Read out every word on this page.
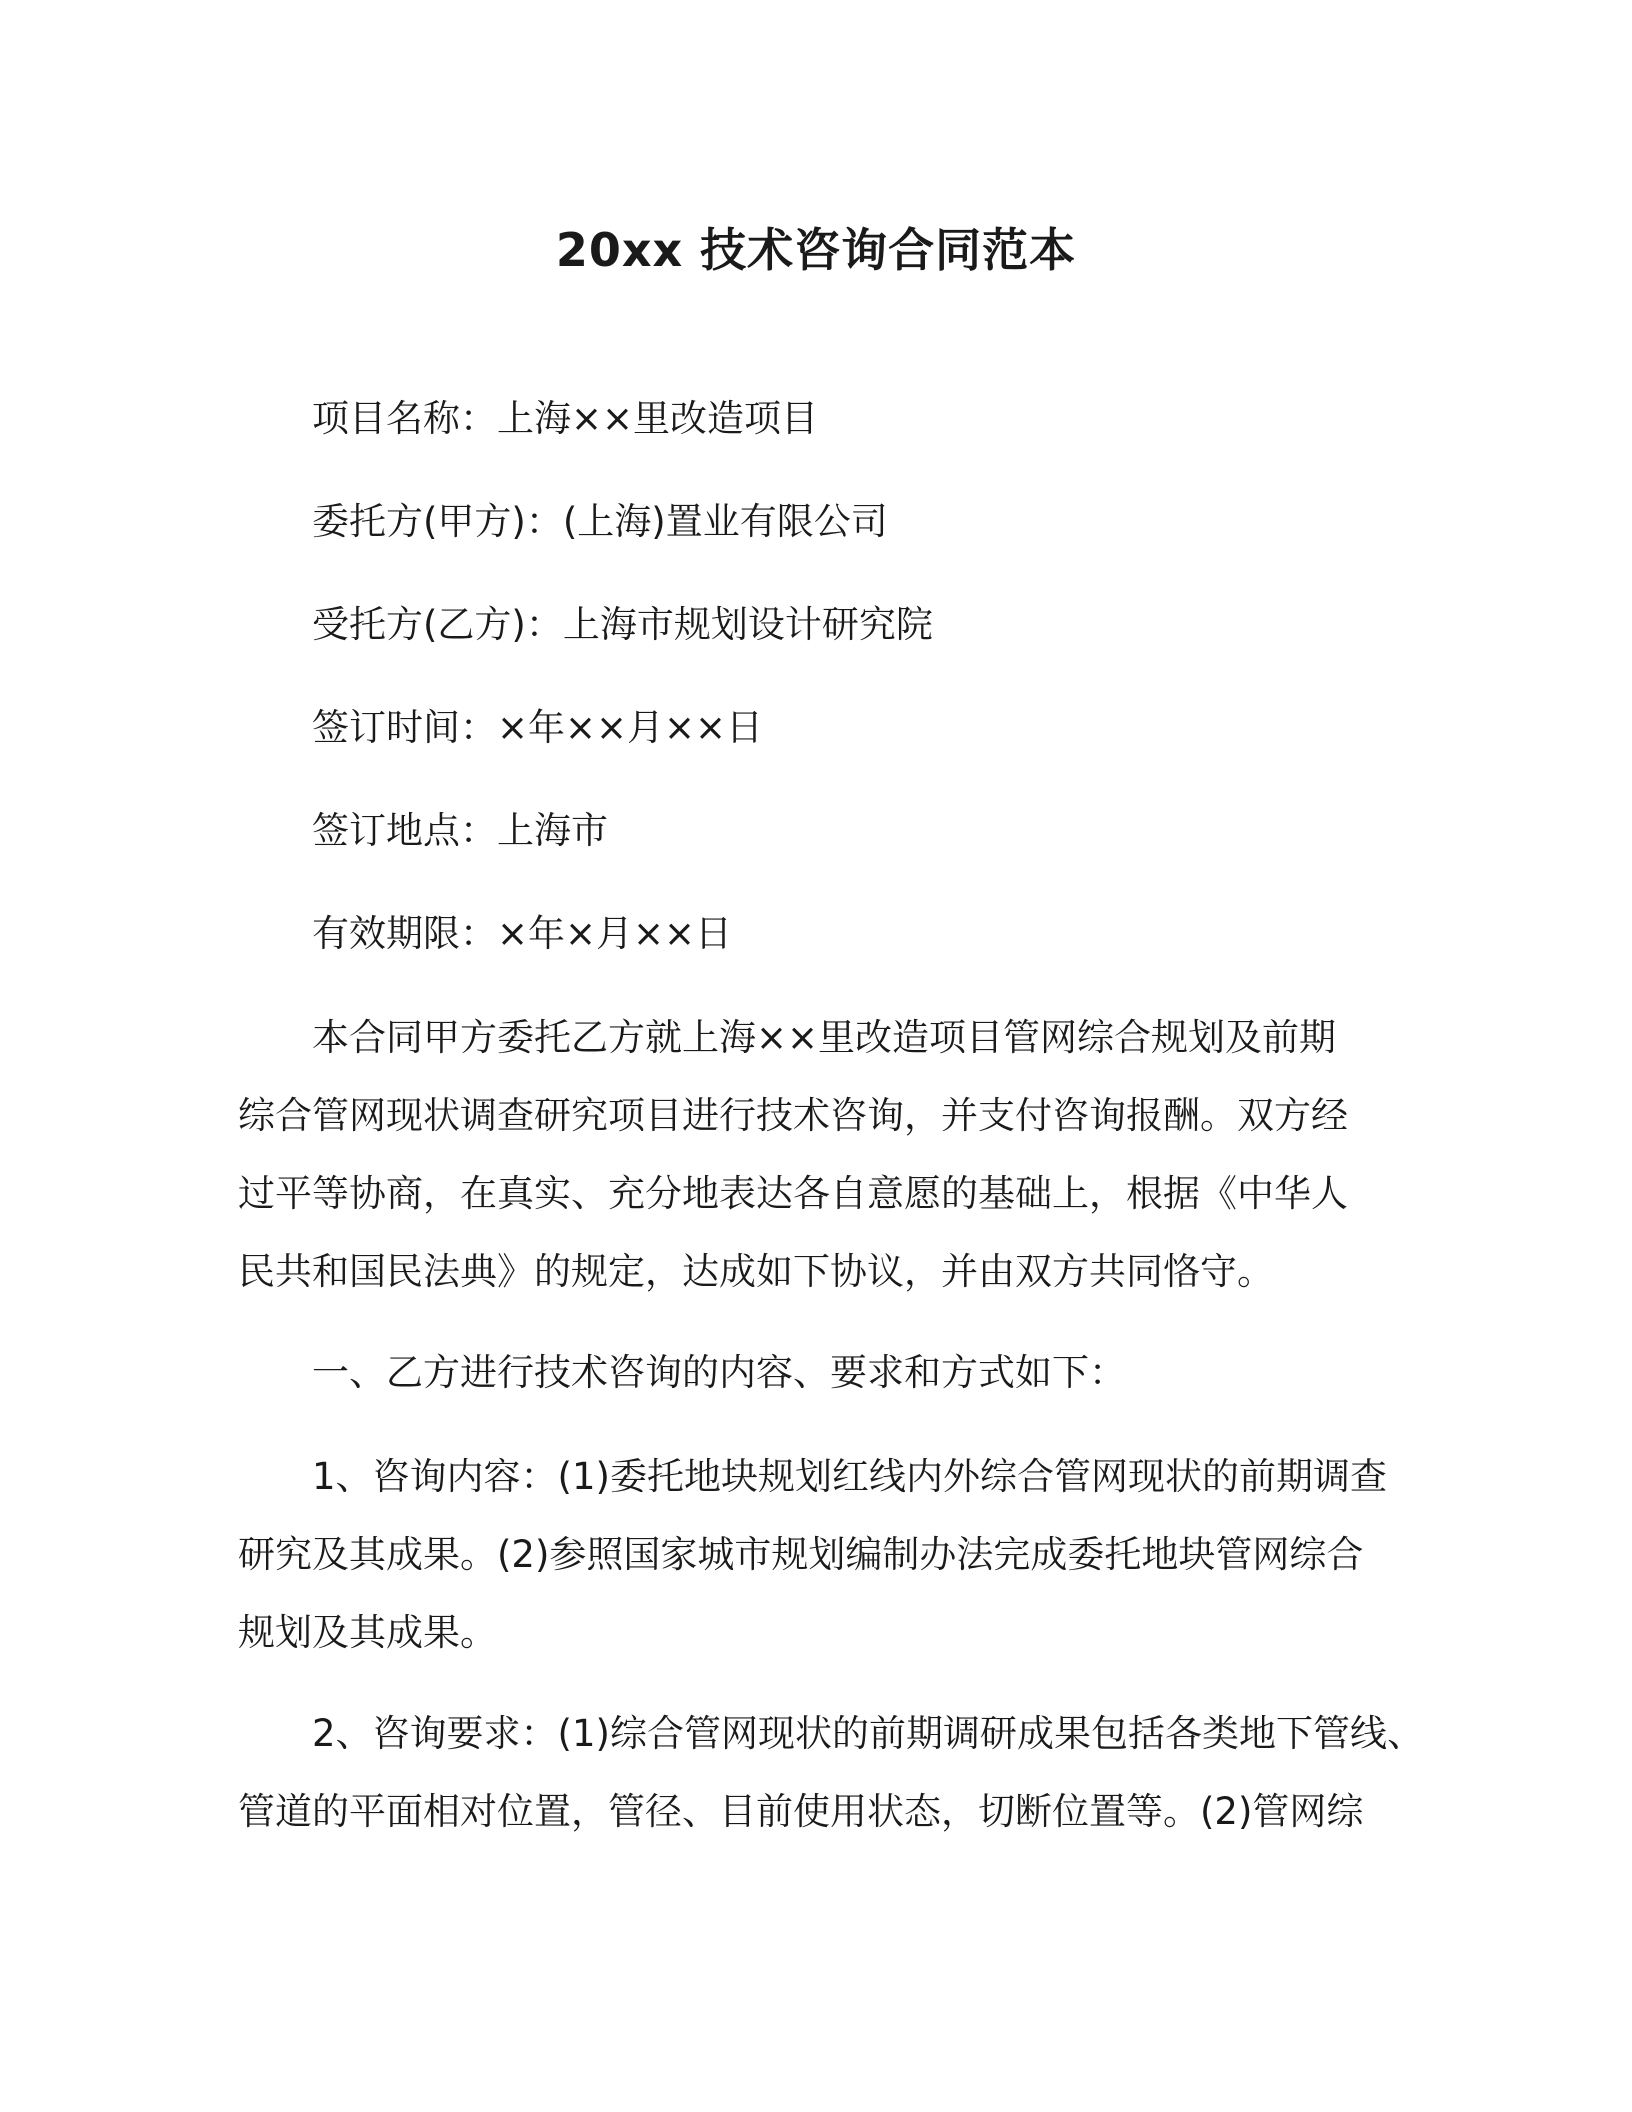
20xx 技术咨询合同范本
项目名称：上海××里改造项目
委托方(甲方)：(上海)置业有限公司
受托方(乙方)：上海市规划设计研究院
签订时间：×年××月××日
签订地点：上海市
有效期限：×年×月××日
本合同甲方委托乙方就上海××里改造项目管网综合规划及前期
综合管网现状调查研究项目进行技术咨询，并支付咨询报酬。双方经
过平等协商，在真实、充分地表达各自意愿的基础上，根据《中华人
民共和国民法典》的规定，达成如下协议，并由双方共同恪守。
一、乙方进行技术咨询的内容、要求和方式如下：
1、咨询内容：(1)委托地块规划红线内外综合管网现状的前期调查
研究及其成果。(2)参照国家城市规划编制办法完成委托地块管网综合
规划及其成果。
2、咨询要求：(1)综合管网现状的前期调研成果包括各类地下管线、
管道的平面相对位置，管径、目前使用状态，切断位置等。(2)管网综
